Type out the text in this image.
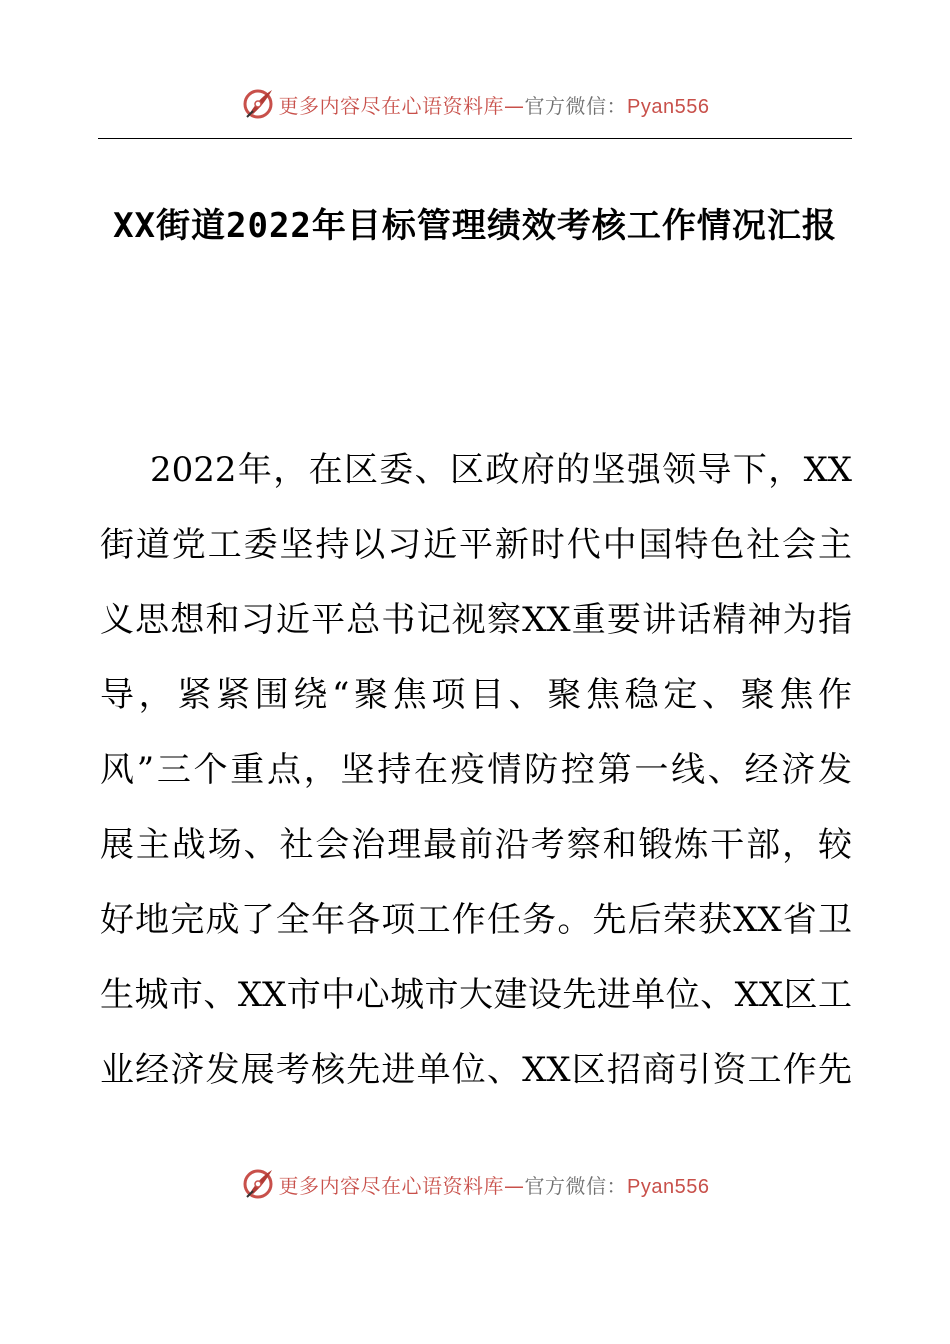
更多内容尽在心语资料库—官方微信：Pyan556
XX街道2022年目标管理绩效考核工作情况汇报
2022年，在区委、区政府的坚强领导下，XX
街道党工委坚持以习近平新时代中国特色社会主
义思想和习近平总书记视察XX重要讲话精神为指
导，紧紧围绕“聚焦项目、聚焦稳定、聚焦作
风”三个重点，坚持在疫情防控第一线、经济发
展主战场、社会治理最前沿考察和锻炼干部，较
好地完成了全年各项工作任务。先后荣获XX省卫
生城市、XX市中心城市大建设先进单位、XX区工
业经济发展考核先进单位、XX区招商引资工作先
更多内容尽在心语资料库—官方微信：Pyan556
